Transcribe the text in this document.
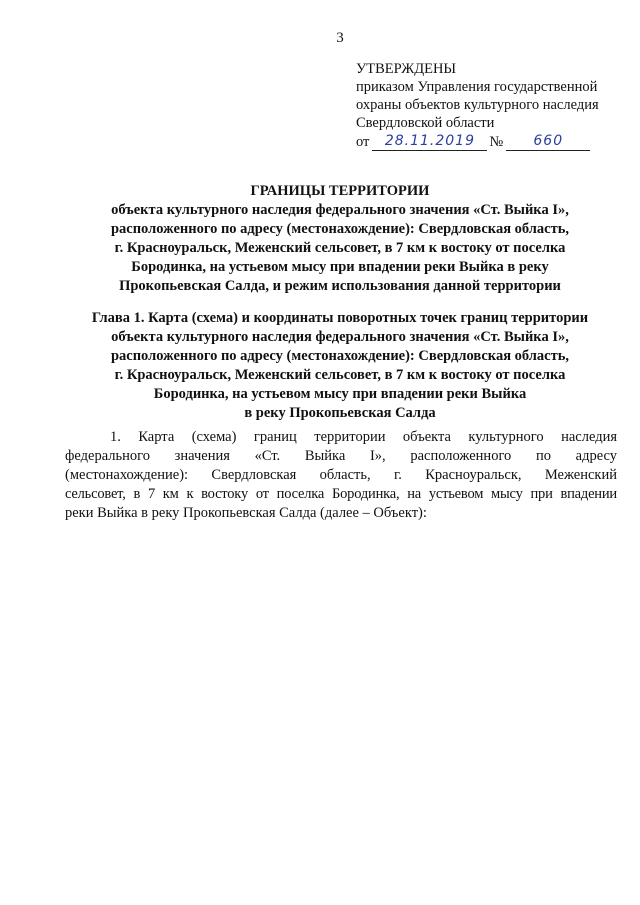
3
УТВЕРЖДЕНЫ
приказом Управления государственной
охраны объектов культурного наследия
Свердловской области
от	28.11.2019 №	660
ГРАНИЦЫ ТЕРРИТОРИИ
объекта культурного наследия федерального значения «Ст. Выйка I»,
расположенного по адресу (местонахождение): Свердловская область,
г. Красноуральск, Меженский сельсовет, в 7 км к востоку от поселка
Бородинка, на устьевом мысу при впадении реки Выйка в реку
Прокопьевская Салда, и режим использования данной территории
Глава 1. Карта (схема) и координаты поворотных точек границ территории
объекта культурного наследия федерального значения «Ст. Выйка I»,
расположенного по адресу (местонахождение): Свердловская область,
г. Красноуральск, Меженский сельсовет, в 7 км к востоку от поселка
Бородинка, на устьевом мысу при впадении реки Выйка
в реку Прокопьевская Салда
1. Карта (схема) границ территории объекта культурного наследия
федерального значения «Ст. Выйка I», расположенного по адресу
(местонахождение): Свердловская область, г. Красноуральск, Меженский
сельсовет, в 7 км к востоку от поселка Бородинка, на устьевом мысу при впадении
реки Выйка в реку Прокопьевская Салда (далее – Объект):
